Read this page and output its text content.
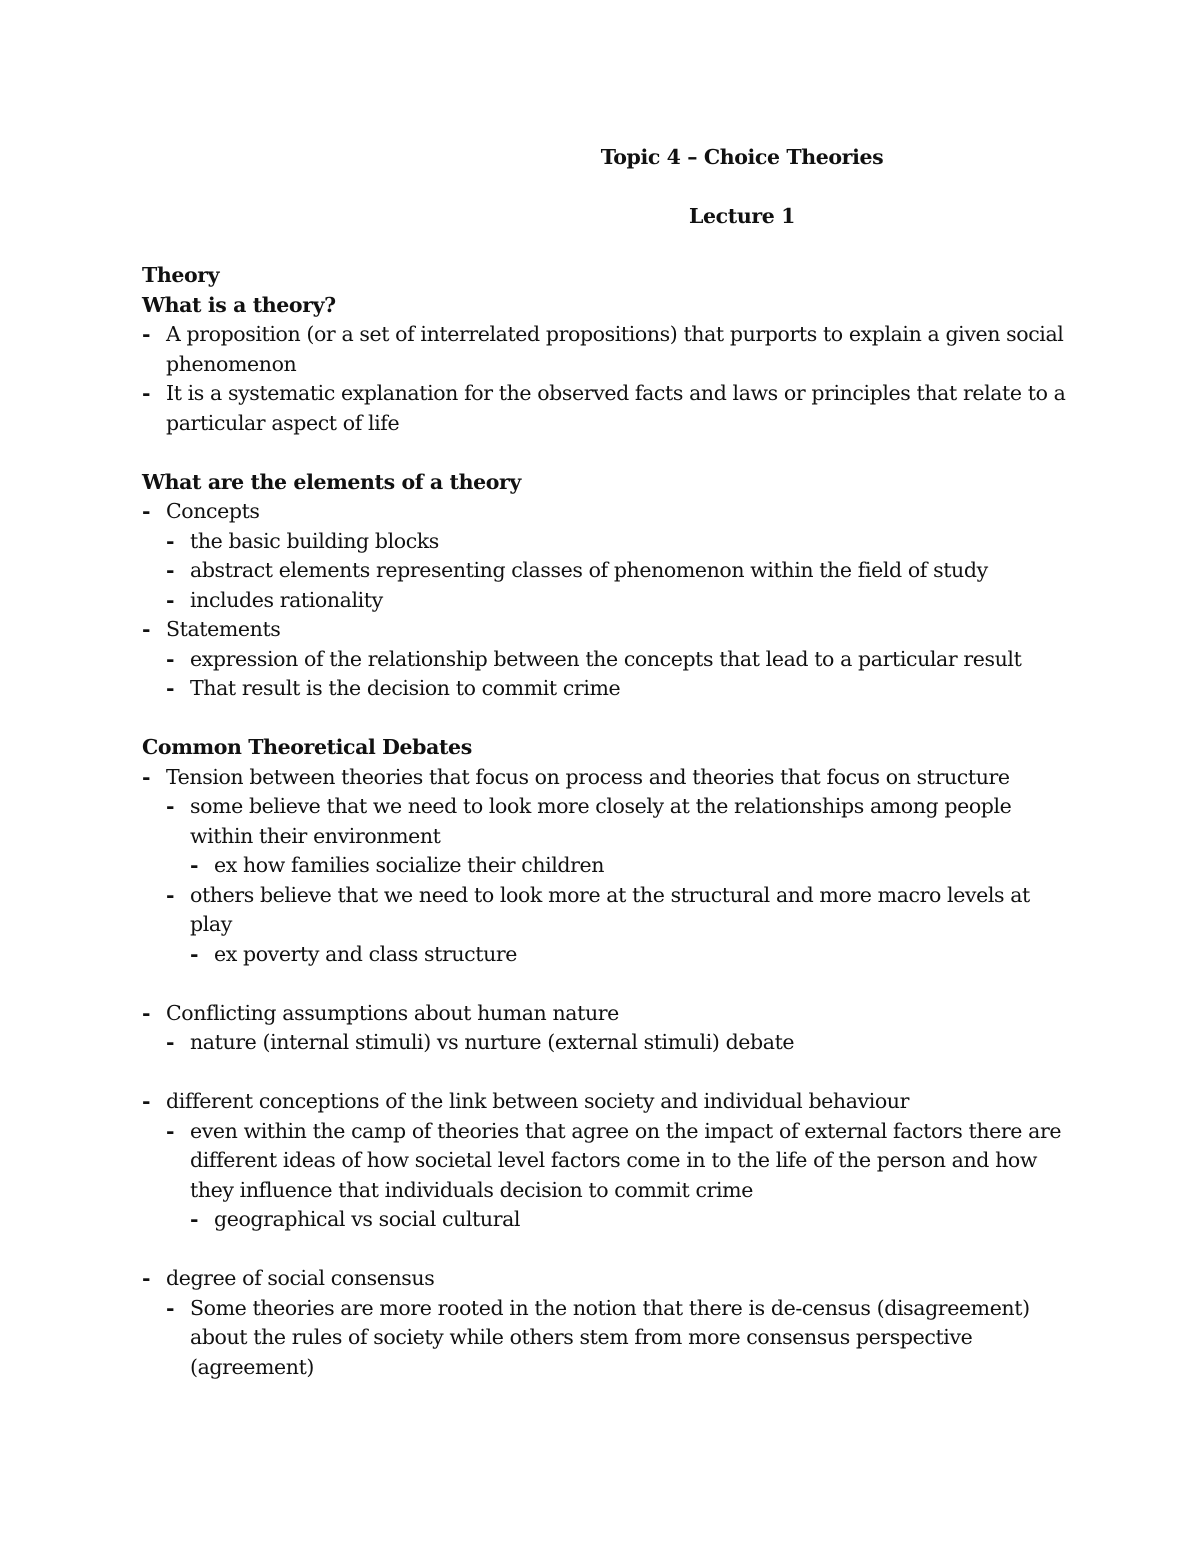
Topic 4 – Choice Theories
Lecture 1
Theory
What is a theory?
- A proposition (or a set of interrelated propositions) that purports to explain a given social phenomenon
- It is a systematic explanation for the observed facts and laws or principles that relate to a particular aspect of life
What are the elements of a theory
- Concepts
- the basic building blocks
- abstract elements representing classes of phenomenon within the field of study
- includes rationality
- Statements
- expression of the relationship between the concepts that lead to a particular result
- That result is the decision to commit crime
Common Theoretical Debates
- Tension between theories that focus on process and theories that focus on structure
- some believe that we need to look more closely at the relationships among people within their environment
- ex how families socialize their children
- others believe that we need to look more at the structural and more macro levels at play
- ex poverty and class structure
- Conflicting assumptions about human nature
- nature (internal stimuli) vs nurture (external stimuli) debate
- different conceptions of the link between society and individual behaviour
- even within the camp of theories that agree on the impact of external factors there are different ideas of how societal level factors come in to the life of the person and how they influence that individuals decision to commit crime
- geographical vs social cultural
- degree of social consensus
- Some theories are more rooted in the notion that there is de-census (disagreement) about the rules of society while others stem from more consensus perspective (agreement)
